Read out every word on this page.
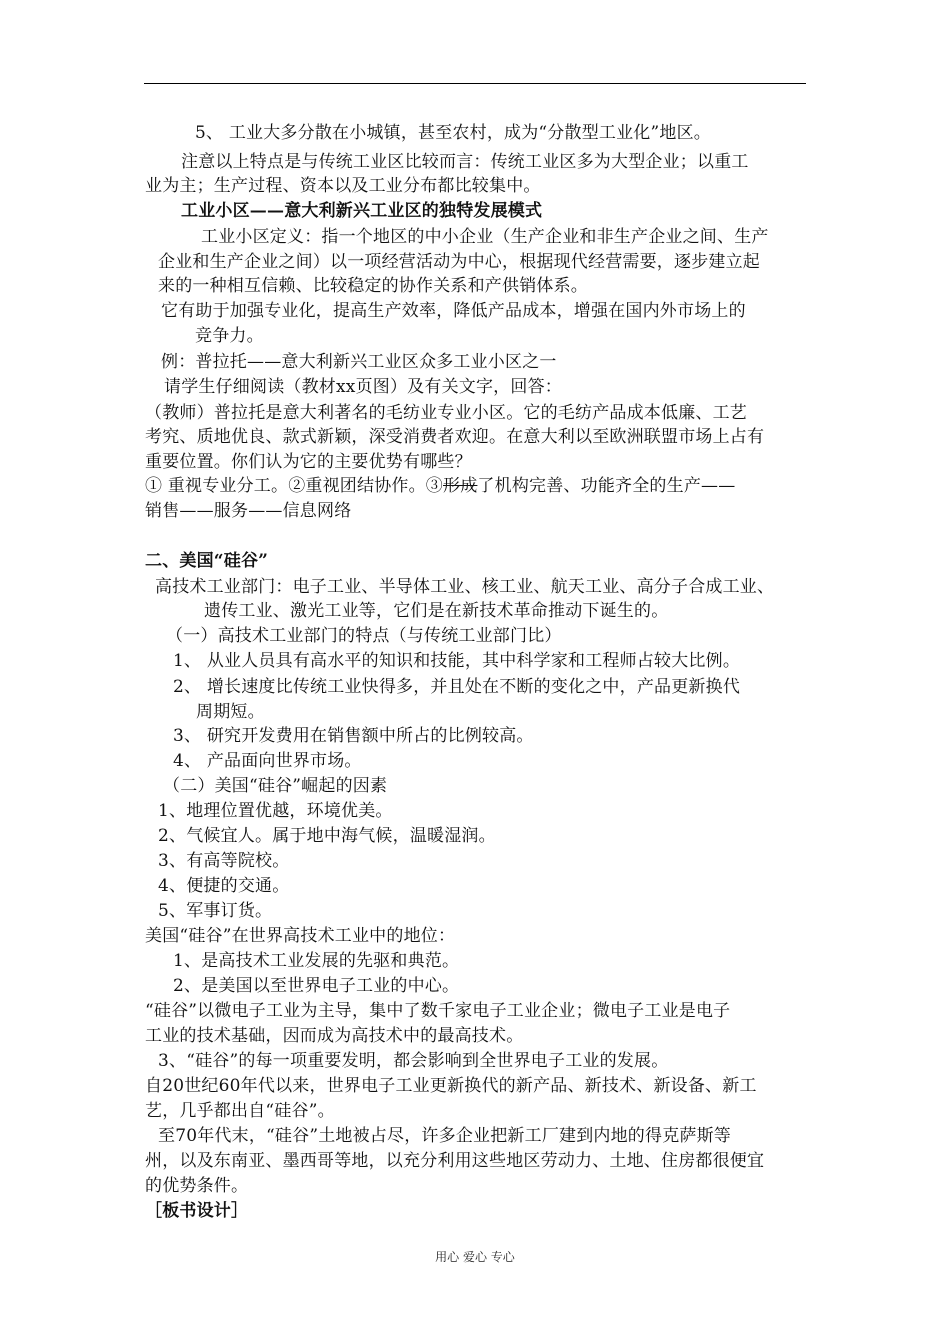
5、 工业大多分散在小城镇，甚至农村，成为“分散型工业化”地区。
注意以上特点是与传统工业区比较而言：传统工业区多为大型企业；以重工
业为主；生产过程、资本以及工业分布都比较集中。
工业小区——意大利新兴工业区的独特发展模式
工业小区定义：指一个地区的中小企业（生产企业和非生产企业之间、生产
企业和生产企业之间）以一项经营活动为中心，根据现代经营需要，逐步建立起
来的一种相互信赖、比较稳定的协作关系和产供销体系。
它有助于加强专业化，提高生产效率，降低产品成本，增强在国内外市场上的
竞争力。
例：普拉托——意大利新兴工业区众多工业小区之一
请学生仔细阅读（教材xx页图）及有关文字，回答：
（教师）普拉托是意大利著名的毛纺业专业小区。它的毛纺产品成本低廉、工艺
考究、质地优良、款式新颖，深受消费者欢迎。在意大利以至欧洲联盟市场上占有
重要位置。你们认为它的主要优势有哪些？
① 重视专业分工。②重视团结协作。③形成了机构完善、功能齐全的生产——
销售——服务——信息网络
二、美国“硅谷”
高技术工业部门：电子工业、半导体工业、核工业、航天工业、高分子合成工业、
遗传工业、激光工业等，它们是在新技术革命推动下诞生的。
（一）高技术工业部门的特点（与传统工业部门比）
1、 从业人员具有高水平的知识和技能，其中科学家和工程师占较大比例。
2、 增长速度比传统工业快得多，并且处在不断的变化之中，产品更新换代
周期短。
3、 研究开发费用在销售额中所占的比例较高。
4、 产品面向世界市场。
（二）美国“硅谷”崛起的因素
1、地理位置优越，环境优美。
2、气候宜人。属于地中海气候，温暖湿润。
3、有高等院校。
4、便捷的交通。
5、军事订货。
美国“硅谷”在世界高技术工业中的地位：
1、是高技术工业发展的先驱和典范。
2、是美国以至世界电子工业的中心。
“硅谷”以微电子工业为主导，集中了数千家电子工业企业；微电子工业是电子
工业的技术基础，因而成为高技术中的最高技术。
3、“硅谷”的每一项重要发明，都会影响到全世界电子工业的发展。
自20世纪60年代以来，世界电子工业更新换代的新产品、新技术、新设备、新工
艺，几乎都出自“硅谷”。
至70年代末，“硅谷”土地被占尽，许多企业把新工厂建到内地的得克萨斯等
州，以及东南亚、墨西哥等地，以充分利用这些地区劳动力、土地、住房都很便宜
的优势条件。
［板书设计］
用心 爱心 专心
